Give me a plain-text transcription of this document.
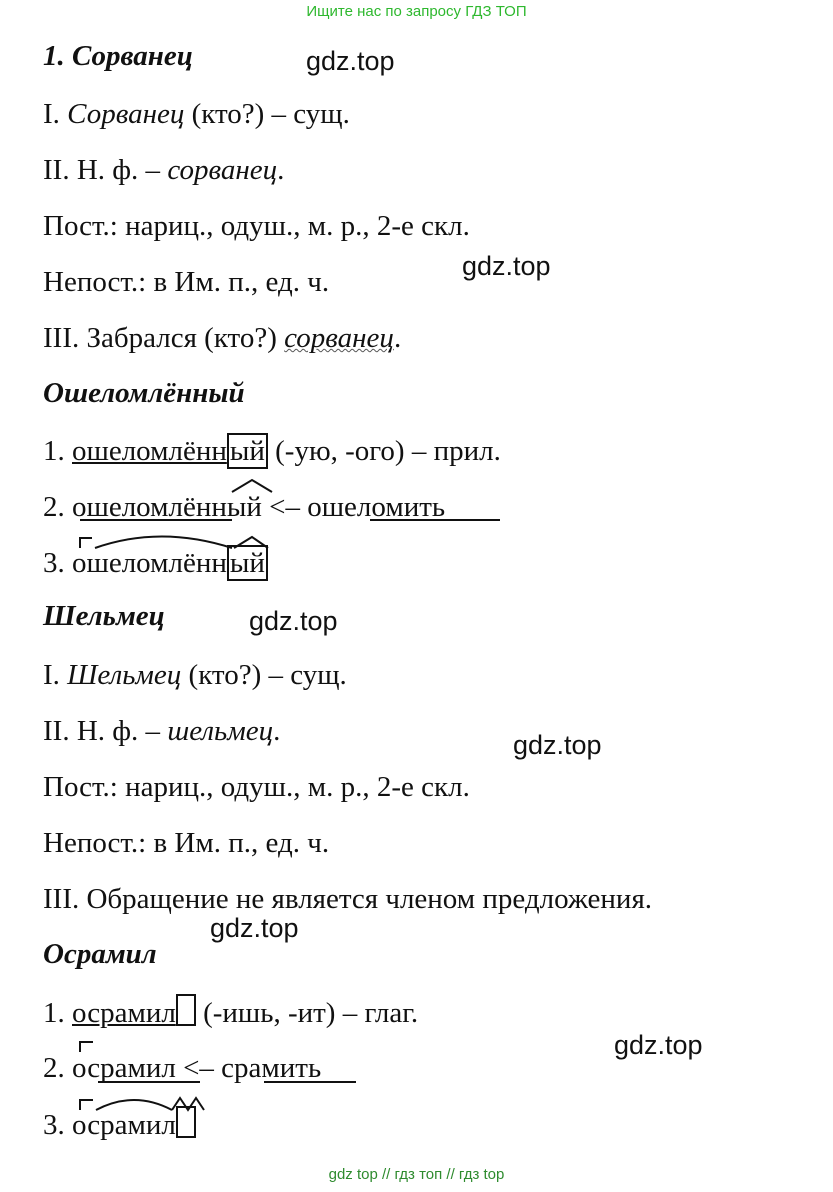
Ищите нас по запросу ГДЗ ТОП
gdz.top
gdz.top
gdz.top
gdz.top
gdz.top
gdz.top
1. Сорванец
I. Сорванец (кто?) – сущ.
II. Н. ф. – сорванец.
Пост.: нариц., одуш., м. р., 2-е скл.
Непост.: в Им. п., ед. ч.
III. Забрался (кто?) сорванец.
Ошеломлённый
1. ошеломлённ ый (-ую, -ого) – прил.
2. ошеломлённый <– ошеломить
3. ошеломлённ ый
Шельмец
I. Шельмец (кто?) – сущ.
II. Н. ф. – шельмец.
Пост.: нариц., одуш., м. р., 2-е скл.
Непост.: в Им. п., ед. ч.
III. Обращение не является членом предложения.
Осрамил
1. осрамил (-ишь, -ит) – глаг.
2. осрамил <– срамить
3. осрамил
gdz top // гдз топ // гдз top
